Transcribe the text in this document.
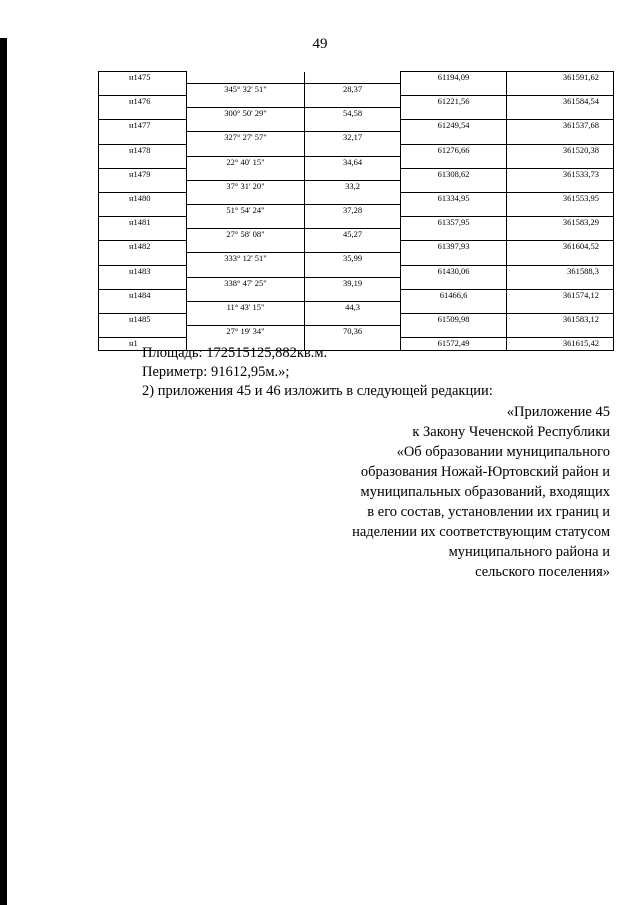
49
н1475			61194,09	361591,62
	345° 32' 51"	28,37		
н1476			61221,56	361584,54
	300° 50' 29"	54,58		
н1477			61249,54	361537,68
	327° 27' 57"	32,17		
н1478			61276,66	361520,38
	22° 40' 15"	34,64		
н1479			61308,62	361533,73
	37° 31' 20"	33,2		
н1480			61334,95	361553,95
	51° 54' 24"	37,28		
н1481			61357,95	361583,29
	27° 58' 08"	45,27		
н1482			61397,93	361604,52
	333° 12' 51"	35,99		
н1483			61430,06	361588,3
	338° 47' 25"	39,19		
н1484			61466,6	361574,12
	11° 43' 15"	44,3		
н1485			61509,98	361583,12
	27° 19' 34"	70,36		
н1			61572,49	361615,42
Площадь: 172515125,882кв.м.
Периметр: 91612,95м.»;
2) приложения 45 и 46 изложить в следующей редакции:
«Приложение 45
к Закону Чеченской Республики
«Об образовании муниципального
образования Ножай-Юртовский район и
муниципальных образований, входящих
в его состав, установлении их границ и
наделении их соответствующим статусом
муниципального района и
сельского поселения»
